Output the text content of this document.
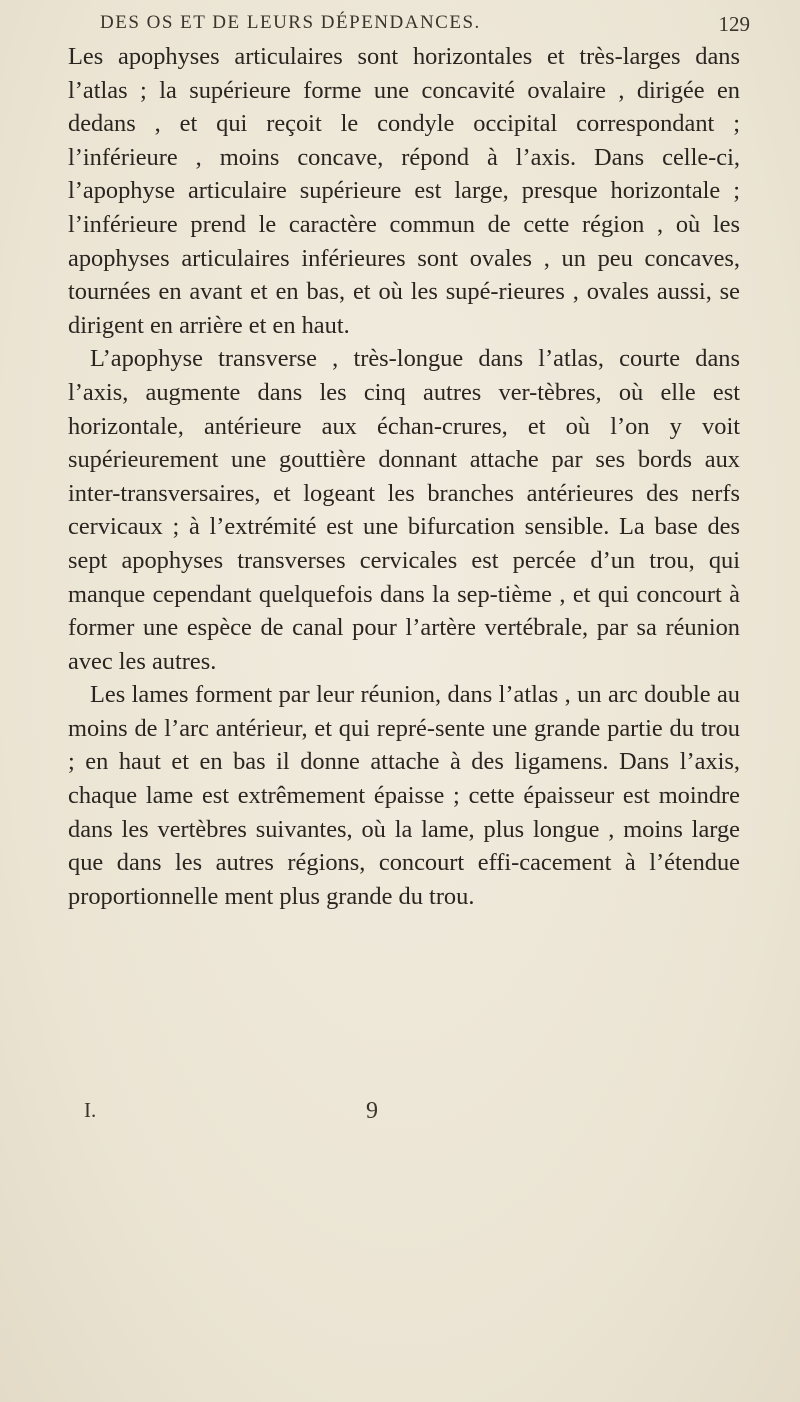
DES OS ET DE LEURS DÉPENDANCES.	129

Les apophyses articulaires sont horizontales et très-larges dans l’atlas ; la supérieure forme une concavité ovalaire , dirigée en dedans , et qui reçoit le condyle occipital correspondant ; l’inférieure , moins concave, répond à l’axis. Dans celle-ci, l’apophyse articulaire supérieure est large, presque horizontale ; l’inférieure prend le caractère commun de cette région , où les apophyses articulaires inférieures sont ovales , un peu concaves, tournées en avant et en bas, et où les supé-rieures , ovales aussi, se dirigent en arrière et en haut.

L’apophyse transverse , très-longue dans l’atlas, courte dans l’axis, augmente dans les cinq autres ver-tèbres, où elle est horizontale, antérieure aux échan-crures, et où l’on y voit supérieurement une gouttière donnant attache par ses bords aux inter-transversaires, et logeant les branches antérieures des nerfs cervicaux ; à l’extrémité est une bifurcation sensible. La base des sept apophyses transverses cervicales est percée d’un trou, qui manque cependant quelquefois dans la sep-tième , et qui concourt à former une espèce de canal pour l’artère vertébrale, par sa réunion avec les autres.

Les lames forment par leur réunion, dans l’atlas , un arc double au moins de l’arc antérieur, et qui repré-sente une grande partie du trou ; en haut et en bas il donne attache à des ligamens. Dans l’axis, chaque lame est extrêmement épaisse ; cette épaisseur est moindre dans les vertèbres suivantes, où la lame, plus longue , moins large que dans les autres régions, concourt effi-cacement à l’étendue proportionnelle ment plus grande du trou.

I.	9
